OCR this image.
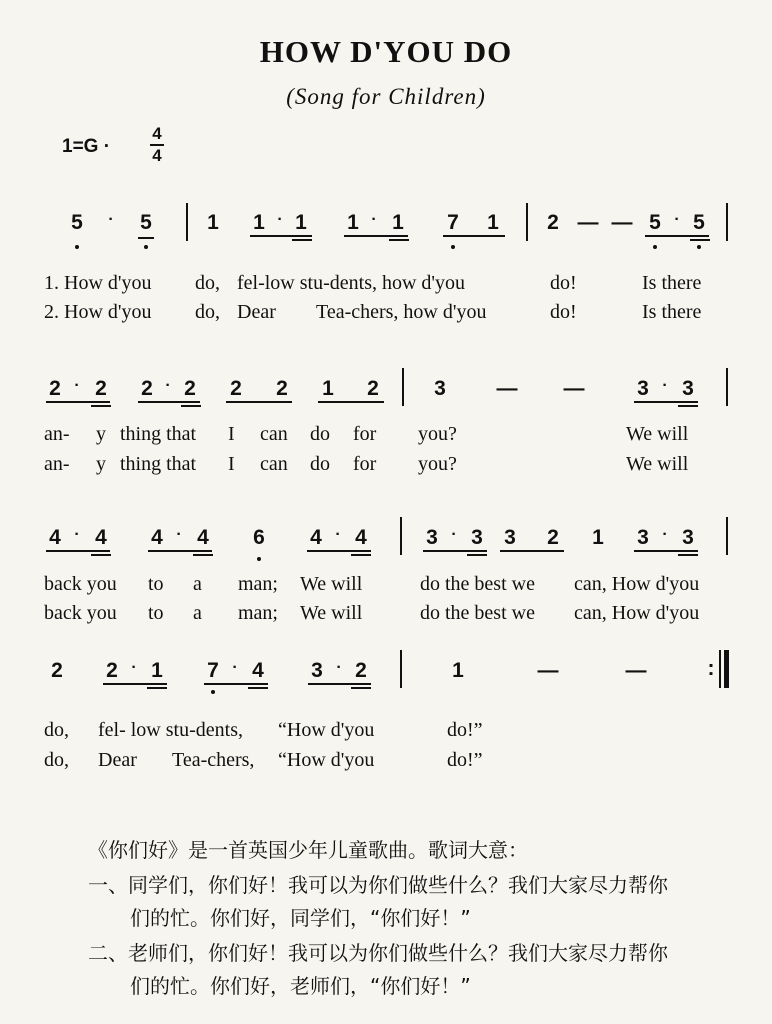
HOW D'YOU DO
(Song for Children)
1=G ·
4
4
5 · 5	1 1 · 1 1 · 1 7 1 2 — — 5 · 5
1. How d'you do, fel-low stu-dents, how d'you	do!	Is there
2. How d'you do, Dear Tea-chers, how d'you	do!	Is there
2 · 2 2 · 2 2 2 1 2	3 — —	3 · 3
an- y thing that I can do for you?	We will
an- y thing that I can do for you?	We will
4 · 4 4 · 4 6 4 · 4	3 · 3 3 2 1 3 · 3
back you to a man; We will	do the best we can, How d'you
back you to a man; We will	do the best we can, How d'you
2 2 · 1 7 · 4 3 · 2	1	—	—	:
do, fel- low stu-dents, “How d'you	do!”
do, Dear Tea-chers, “How d'you	do!”
《你们好》是一首英国少年儿童歌曲。歌词大意：
一、同学们，你们好！我可以为你们做些什么？我们大家尽力帮你
们的忙。你们好，同学们，“你们好！”
二、老师们，你们好！我可以为你们做些什么？我们大家尽力帮你
们的忙。你们好，老师们，“你们好！”
